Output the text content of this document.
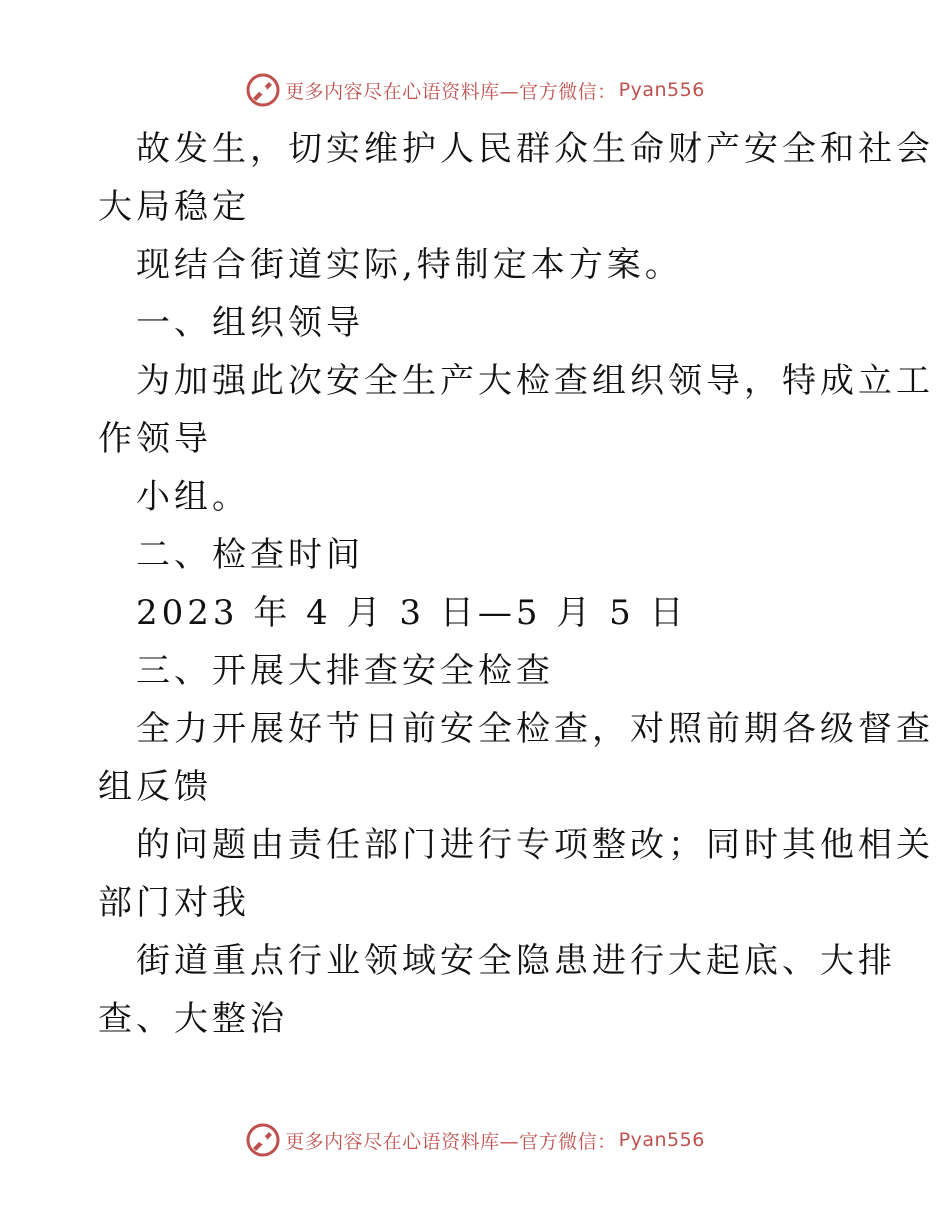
更多内容尽在心语资料库—官方微信： Pyan556

故发生，切实维护人民群众生命财产安全和社会

大局稳定

现结合街道实际,特制定本方案。

一、组织领导

为加强此次安全生产大检查组织领导，特成立工

作领导

小组。

二、检查时间

2023 年 4 月 3 日—5 月 5 日

三、开展大排查安全检查

全力开展好节日前安全检查，对照前期各级督查

组反馈

的问题由责任部门进行专项整改；同时其他相关

部门对我

街道重点行业领域安全隐患进行大起底、大排

查、大整治

更多内容尽在心语资料库—官方微信： Pyan556
